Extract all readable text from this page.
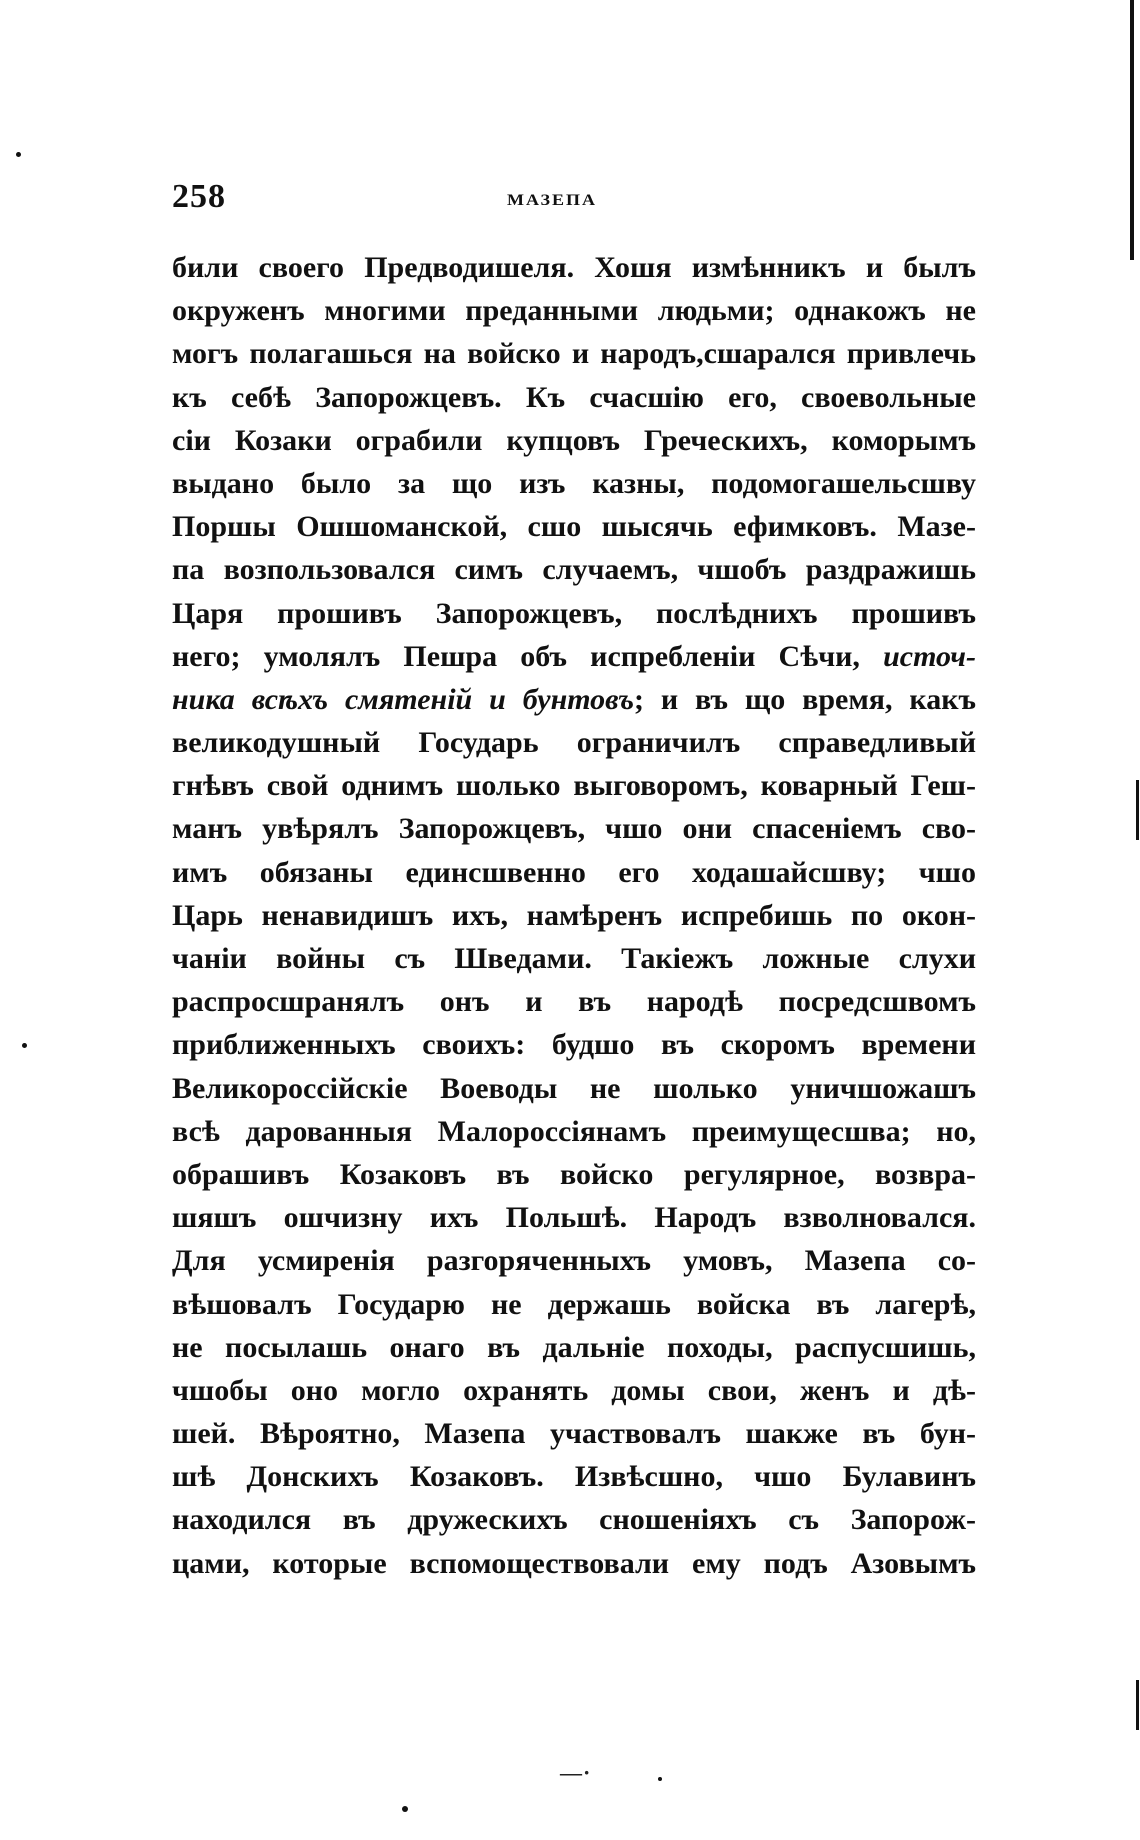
258	МАЗЕПА
били своего Предводишеля. Хошя измѣнникъ и былъ
окруженъ многими преданными людьми; однакожъ не
могъ полагашься на войско и народъ,сшарался привлечь
къ себѣ Запорожцевъ. Къ счасшію его, своевольные
сіи Козаки ограбили купцовъ Греческихъ, коморымъ
выдано было за що изъ казны, подомогашельсшву
Поршы Ошшоманской, сшо шысячь ефимковъ. Мазе-
па возпользовался симъ случаемъ, чшобъ раздражишь
Царя прошивъ Запорожцевъ, послѣднихъ прошивъ
него; умолялъ Пешра объ испребленіи Сѣчи, источ-
ника всѣхъ смятеній и бунтовъ; и въ що время, какъ
великодушный Государь ограничилъ справедливый
гнѣвъ свой однимъ шолько выговоромъ, коварный Геш-
манъ увѣрялъ Запорожцевъ, чшо они спасеніемъ сво-
имъ обязаны единсшвенно его ходашайсшву; чшо
Царь ненавидишъ ихъ, намѣренъ испребишь по окон-
чаніи войны съ Шведами. Такіежъ ложные слухи
распросшранялъ онъ и въ народѣ посредсшвомъ
приближенныхъ своихъ: будшо въ скоромъ времени
Великороссійскіе Воеводы не шолько уничшожашъ
всѣ дарованныя Малороссіянамъ преимущесшва; но,
обрашивъ Козаковъ въ войско регулярное, возвра-
шяшъ ошчизну ихъ Польшѣ. Народъ взволновался.
Для усмиренія разгоряченныхъ умовъ, Мазепа со-
вѣшовалъ Государю не держашь войска въ лагерѣ,
не посылашь онаго въ дальніе походы, распусшишь,
чшобы оно могло охранять домы свои, женъ и дѣ-
шей. Вѣроятно, Мазепа участвовалъ шакже въ бун-
шѣ Донскихъ Козаковъ. Извѣсшно, чшо Булавинъ
находился въ дружескихъ сношеніяхъ съ Запорож-
цами, которые вспомоществовали ему подъ Азовымъ
—·
